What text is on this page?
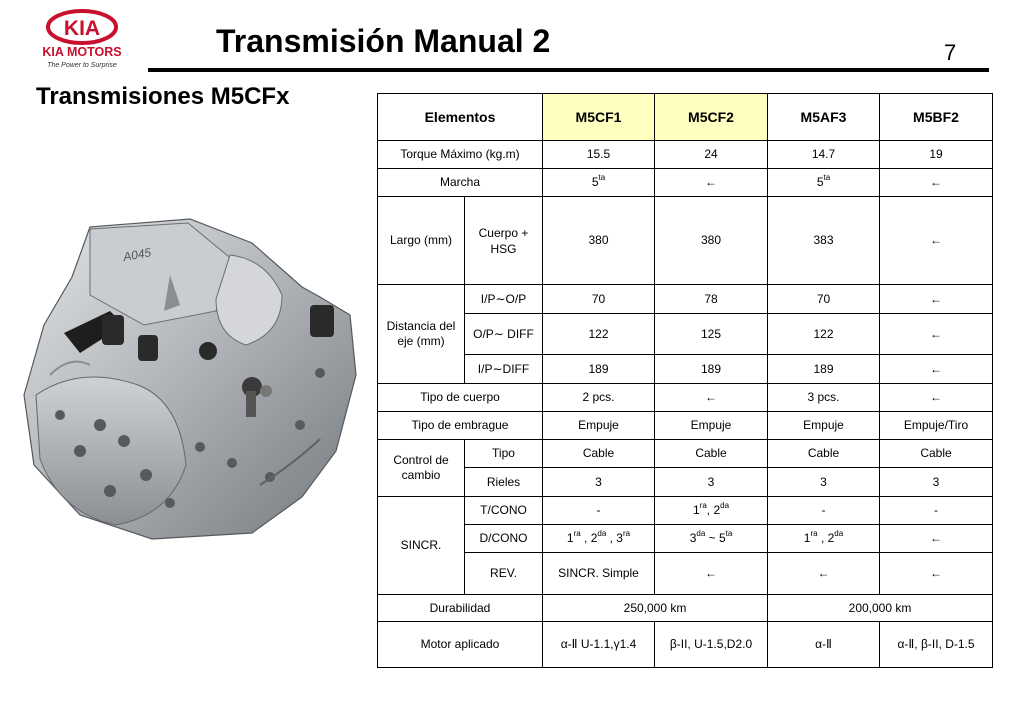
KIA
KIA MOTORS
The Power to Surprise
Transmisión Manual 2	7
Transmisiones M5CFx
A045
Elementos		M5CF1	M5CF2	M5AF3	M5BF2
Torque Máximo (kg.m)		15.5	24	14.7	19
Marcha		$5^{ta}$	←	$5^{ta}$	←
Largo (mm)	Cuerpo + HSG	380	380	383	←
Distancia del eje (mm)	I/P∼O/P	70	78	70	←
	O/P∼ DIFF	122	125	122	←
	I/P∼DIFF	189	189	189	←
Tipo de cuerpo		2 pcs.	←	3 pcs.	←
Tipo de embrague		Empuje	Empuje	Empuje	Empuje/Tiro
Control de cambio	Tipo	Cable	Cable	Cable	Cable
	Rieles	3	3	3	3
SINCR.	T/CONO	-	$1^{ra}$, $2^{da}$	-	-
	D/CONO	$1^{ra}$ , $2^{da}$ , $3^{ra}$	$3^{da}$ ~ $5^{ta}$	$1^{ra}$ , $2^{da}$	←
	REV.	SINCR. Simple	←	←	←
Durabilidad		250,000 km		200,000 km	
Motor aplicado		α-Ⅱ U-1.1,γ1.4	β-II, U-1.5,D2.0	α-Ⅱ	α-Ⅱ, β-II, D-1.5
